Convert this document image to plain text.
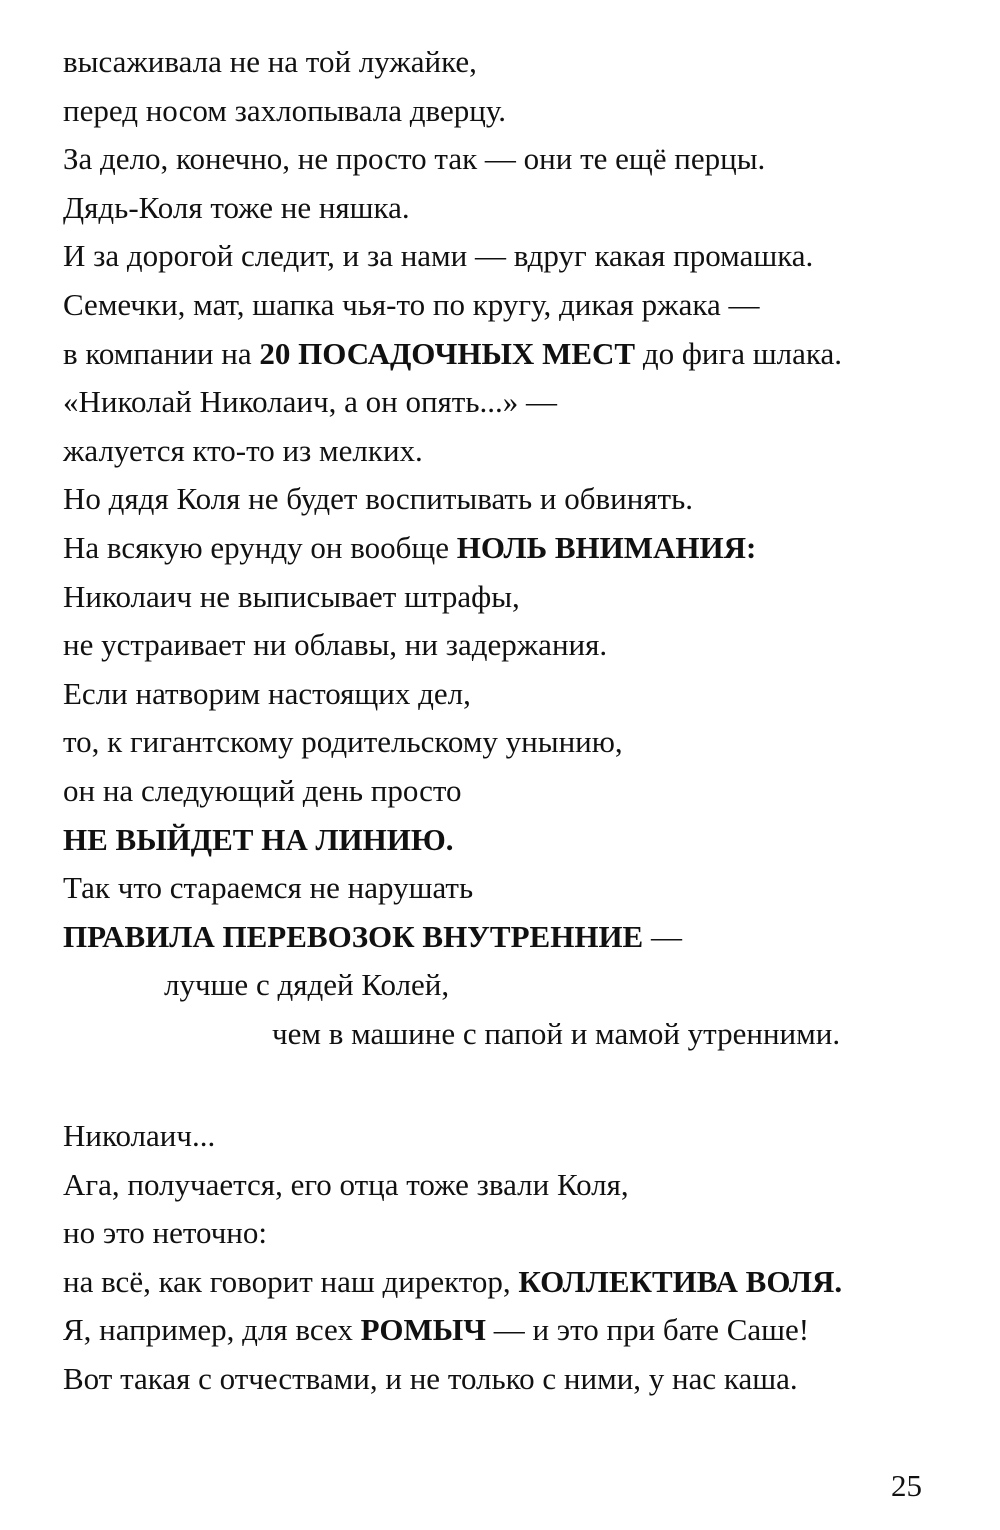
высаживала не на той лужайке,
перед носом захлопывала дверцу.
За дело, конечно, не просто так — они те ещё перцы.
Дядь-Коля тоже не няшка.
И за дорогой следит, и за нами — вдруг какая промашка.
Семечки, мат, шапка чья-то по кругу, дикая ржака —
в компании на 20 ПОСАДОЧНЫХ МЕСТ до фига шлака.
«Николай Николаич, а он опять...» —
жалуется кто-то из мелких.
Но дядя Коля не будет воспитывать и обвинять.
На всякую ерунду он вообще НОЛЬ ВНИМАНИЯ:
Николаич не выписывает штрафы,
не устраивает ни облавы, ни задержания.
Если натворим настоящих дел,
то, к гигантскому родительскому унынию,
он на следующий день просто
НЕ ВЫЙДЕТ НА ЛИНИЮ.
Так что стараемся не нарушать
ПРАВИЛА ПЕРЕВОЗОК ВНУТРЕННИЕ —
лучше с дядей Колей,
чем в машине с папой и мамой утренними.
Николаич...
Ага, получается, его отца тоже звали Коля,
но это неточно:
на всё, как говорит наш директор, КОЛЛЕКТИВА ВОЛЯ.
Я, например, для всех РОМЫЧ — и это при бате Саше!
Вот такая с отчествами, и не только с ними, у нас каша.
25
